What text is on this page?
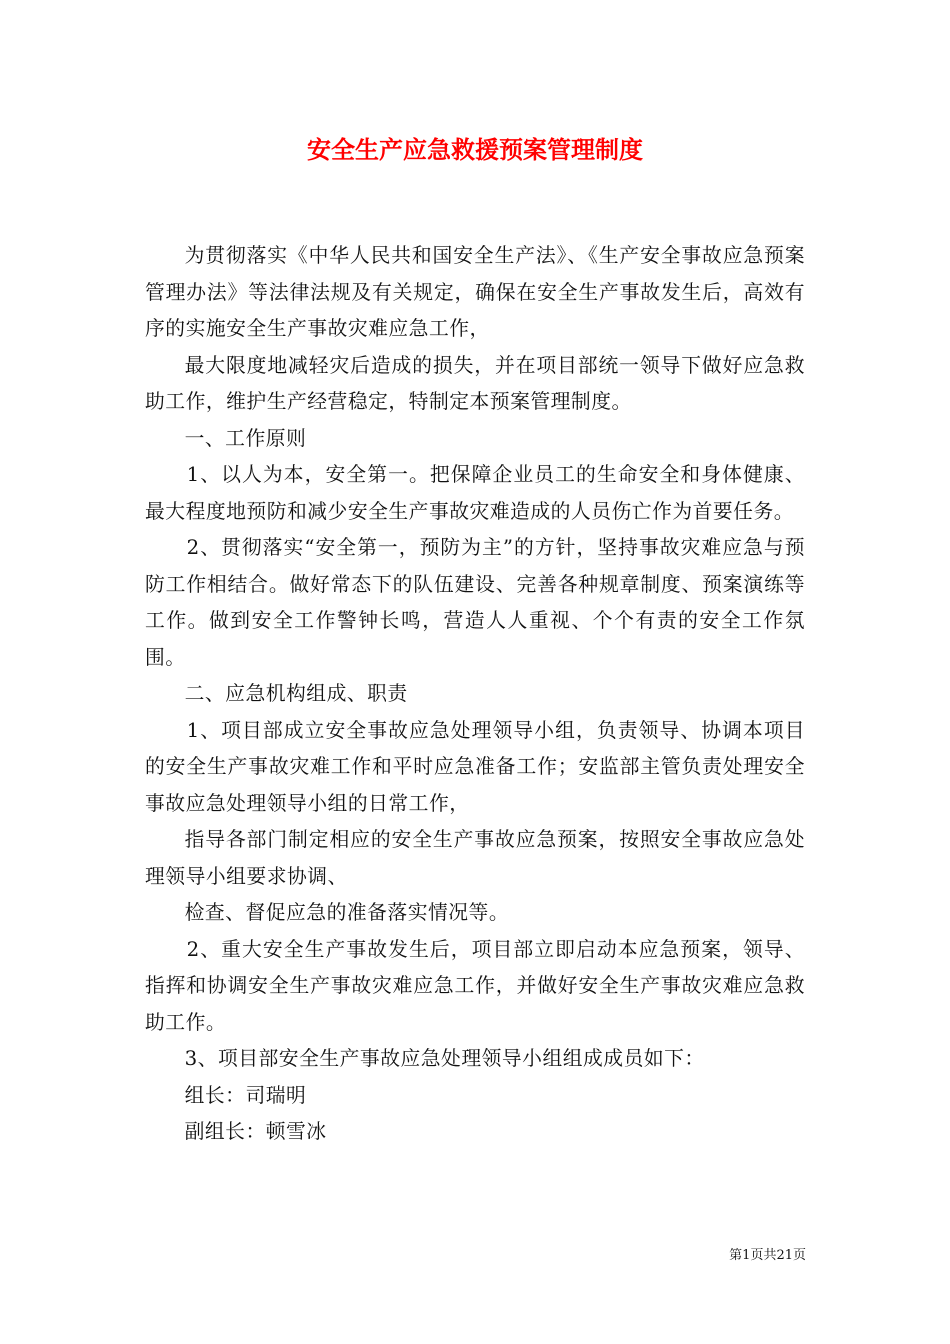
安全生产应急救援预案管理制度

为贯彻落实《中华人民共和国安全生产法》、《生产安全事故应急预案管理办法》等法律法规及有关规定，确保在安全生产事故发生后，高效有序的实施安全生产事故灾难应急工作，

最大限度地减轻灾后造成的损失，并在项目部统一领导下做好应急救助工作，维护生产经营稳定，特制定本预案管理制度。

一、工作原则

1、以人为本，安全第一。把保障企业员工的生命安全和身体健康、最大程度地预防和减少安全生产事故灾难造成的人员伤亡作为首要任务。

2、贯彻落实“安全第一，预防为主”的方针，坚持事故灾难应急与预防工作相结合。做好常态下的队伍建设、完善各种规章制度、预案演练等工作。做到安全工作警钟长鸣，营造人人重视、个个有责的安全工作氛围。

二、应急机构组成、职责

1、项目部成立安全事故应急处理领导小组，负责领导、协调本项目的安全生产事故灾难工作和平时应急准备工作；安监部主管负责处理安全事故应急处理领导小组的日常工作，

指导各部门制定相应的安全生产事故应急预案，按照安全事故应急处理领导小组要求协调、

检查、督促应急的准备落实情况等。

2、重大安全生产事故发生后，项目部立即启动本应急预案，领导、指挥和协调安全生产事故灾难应急工作，并做好安全生产事故灾难应急救助工作。

3、项目部安全生产事故应急处理领导小组组成成员如下：

组长：司瑞明

副组长：顿雪冰

第1页共21页
